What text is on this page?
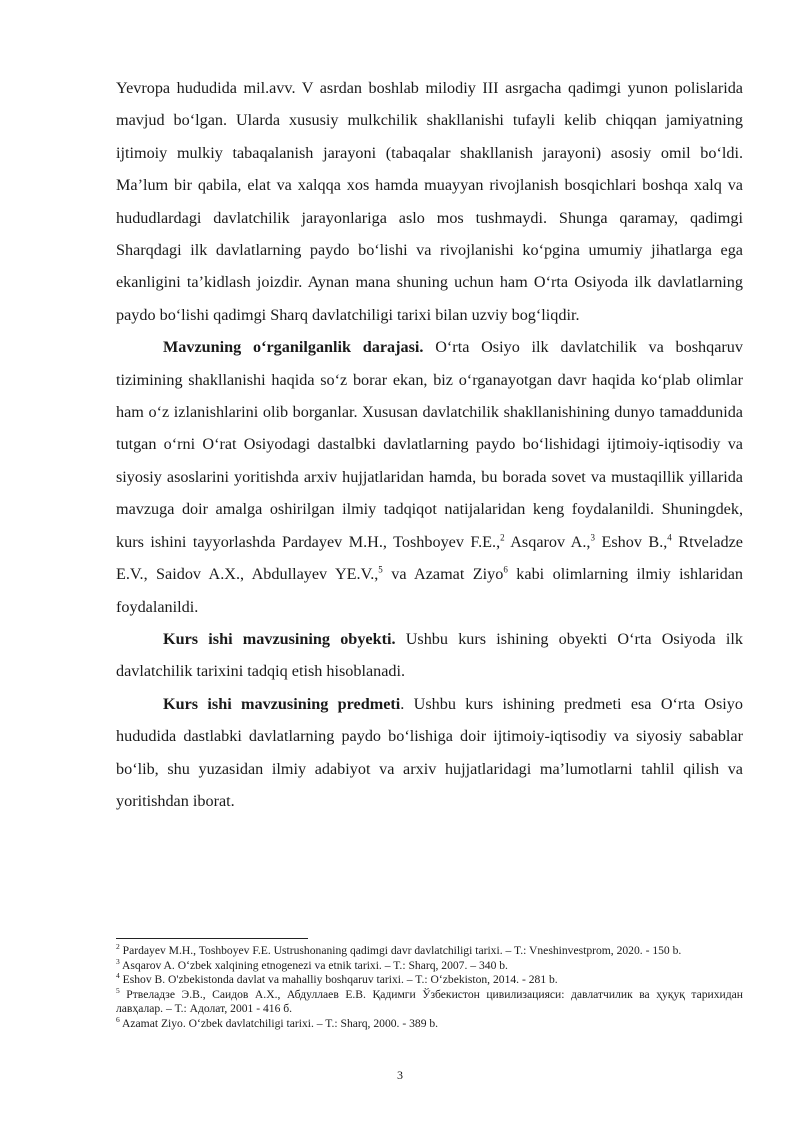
Yevropa hududida mil.avv. V asrdan boshlab milodiy III asrgacha qadimgi yunon polislarida mavjud bo‘lgan. Ularda xususiy mulkchilik shakllanishi tufayli kelib chiqqan jamiyatning ijtimoiy mulkiy tabaqalanish jarayoni (tabaqalar shakllanish jarayoni) asosiy omil bo‘ldi. Ma’lum bir qabila, elat va xalqqa xos hamda muayyan rivojlanish bosqichlari boshqa xalq va hududlardagi davlatchilik jarayonlariga aslo mos tushmaydi. Shunga qaramay, qadimgi Sharqdagi ilk davlatlarning paydo bo‘lishi va rivojlanishi ko‘pgina umumiy jihatlarga ega ekanligini ta’kidlash joizdir. Aynan mana shuning uchun ham O‘rta Osiyoda ilk davlatlarning paydo bo‘lishi qadimgi Sharq davlatchiligi tarixi bilan uzviy bog‘liqdir.

Mavzuning o‘rganilganlik darajasi. O‘rta Osiyo ilk davlatchilik va boshqaruv tizimining shakllanishi haqida so‘z borar ekan, biz o‘rganayotgan davr haqida ko‘plab olimlar ham o‘z izlanishlarini olib borganlar. Xususan davlatchilik shakllanishining dunyo tamaddunida tutgan o‘rni O‘rat Osiyodagi dastalbki davlatlarning paydo bo‘lishidagi ijtimoiy-iqtisodiy va siyosiy asoslarini yoritishda arxiv hujjatlaridan hamda, bu borada sovet va mustaqillik yillarida mavzuga doir amalga oshirilgan ilmiy tadqiqot natijalaridan keng foydalanildi. Shuningdek, kurs ishini tayyorlashda Pardayev M.H., Toshboyev F.E.,$^2$ Asqarov A.,$^3$ Eshov B.,$^4$ Rtveladze E.V., Saidov A.X., Abdullayev YE.V.,$^5$ va Azamat Ziyo$^6$ kabi olimlarning ilmiy ishlaridan foydalanildi.

Kurs ishi mavzusining obyekti. Ushbu kurs ishining obyekti O‘rta Osiyoda ilk davlatchilik tarixini tadqiq etish hisoblanadi.

Kurs ishi mavzusining predmeti. Ushbu kurs ishining predmeti esa O‘rta Osiyo hududida dastlabki davlatlarning paydo bo‘lishiga doir ijtimoiy-iqtisodiy va siyosiy sabablar bo‘lib, shu yuzasidan ilmiy adabiyot va arxiv hujjatlaridagi ma’lumotlarni tahlil qilish va yoritishdan iborat.

$^2$ Pardayev M.H., Toshboyev F.E. Ustrushonaning qadimgi davr davlatchiligi tarixi. – T.: Vneshinvestprom, 2020. - 150 b.

$^3$ Asqarov A. O‘zbek xalqining etnogenezi va etnik tarixi. – T.: Sharq, 2007. – 340 b.

$^4$ Eshov B. O'zbekistonda davlat va mahalliy boshqaruv tarixi. – T.: O‘zbekiston, 2014. - 281 b.

$^5$ Ртвеладзе Э.В., Саидов А.Х., Абдуллаев Е.В. Қадимги Ўзбекистон цивилизацияси: давлатчилик ва ҳуқуқ тарихидан лавҳалар. – Т.: Адолат, 2001 - 416 б.

$^6$ Azamat Ziyo. O‘zbek davlatchiligi tarixi. – T.: Sharq, 2000. - 389 b.

3
